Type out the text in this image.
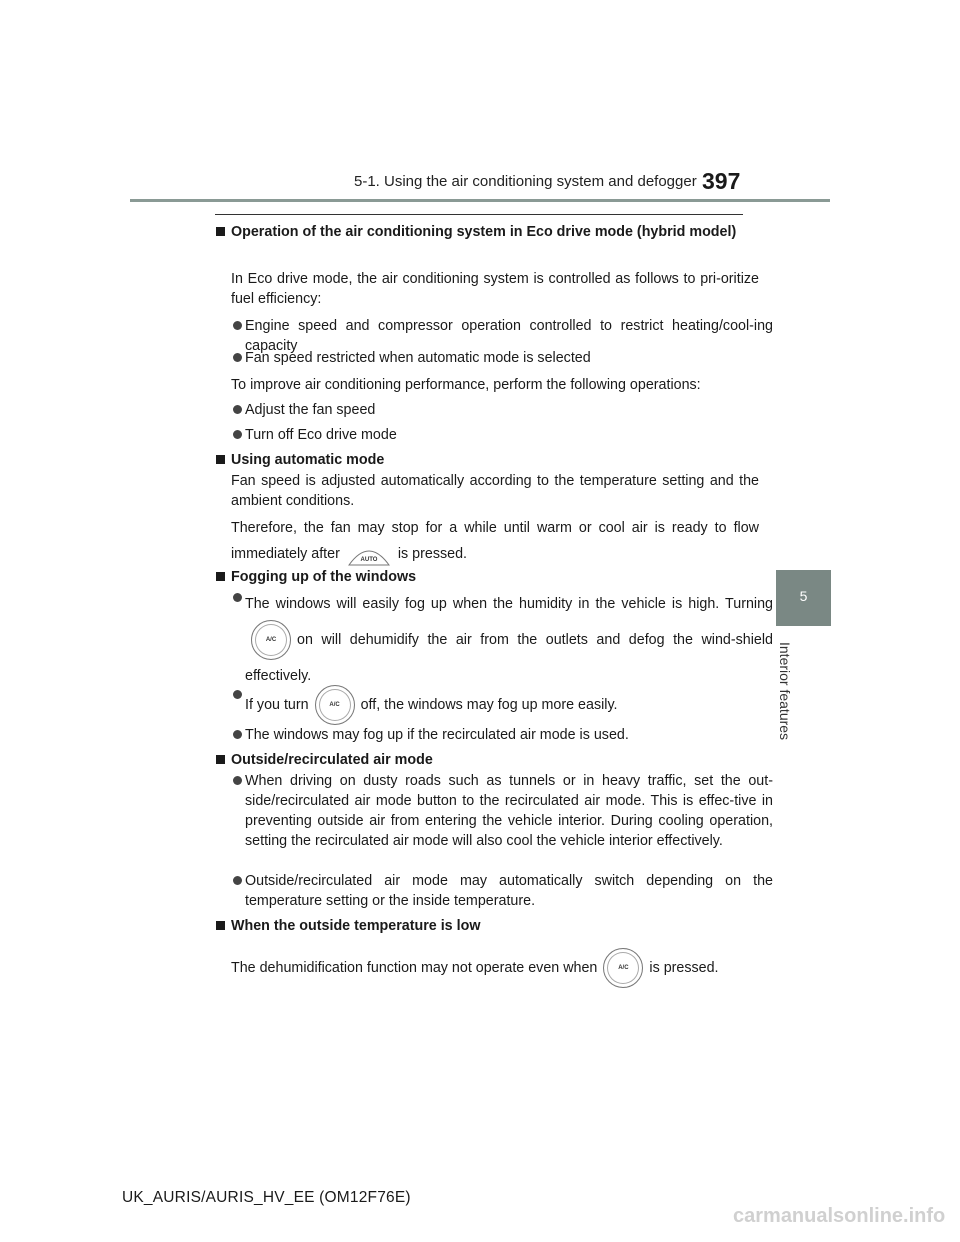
5-1. Using the air conditioning system and defogger 397
5
Interior features
Operation of the air conditioning system in Eco drive mode (hybrid model)
In Eco drive mode, the air conditioning system is controlled as follows to pri-oritize fuel efficiency:
Engine speed and compressor operation controlled to restrict heating/cool-ing capacity
Fan speed restricted when automatic mode is selected
To improve air conditioning performance, perform the following operations:
Adjust the fan speed
Turn off Eco drive mode
Using automatic mode
Fan speed is adjusted automatically according to the temperature setting and the ambient conditions.
Therefore, the fan may stop for a while until warm or cool air is ready to flow immediately after	AUTO is pressed.
Fogging up of the windows
The windows will easily fog up when the humidity in the vehicle is high. Turning
A/C	on will dehumidify the air from the outlets and defog the wind-shield effectively.
If you turn	A/C	off, the windows may fog up more easily.
The windows may fog up if the recirculated air mode is used.
Outside/recirculated air mode
When driving on dusty roads such as tunnels or in heavy traffic, set the out-side/recirculated air mode button to the recirculated air mode. This is effec-tive in preventing outside air from entering the vehicle interior. During cooling operation, setting the recirculated air mode will also cool the vehicle interior effectively.
Outside/recirculated air mode may automatically switch depending on the temperature setting or the inside temperature.
When the outside temperature is low
The dehumidification function may not operate even when	A/C	is pressed.
UK_AURIS/AURIS_HV_EE (OM12F76E)
carmanualsonline.info
